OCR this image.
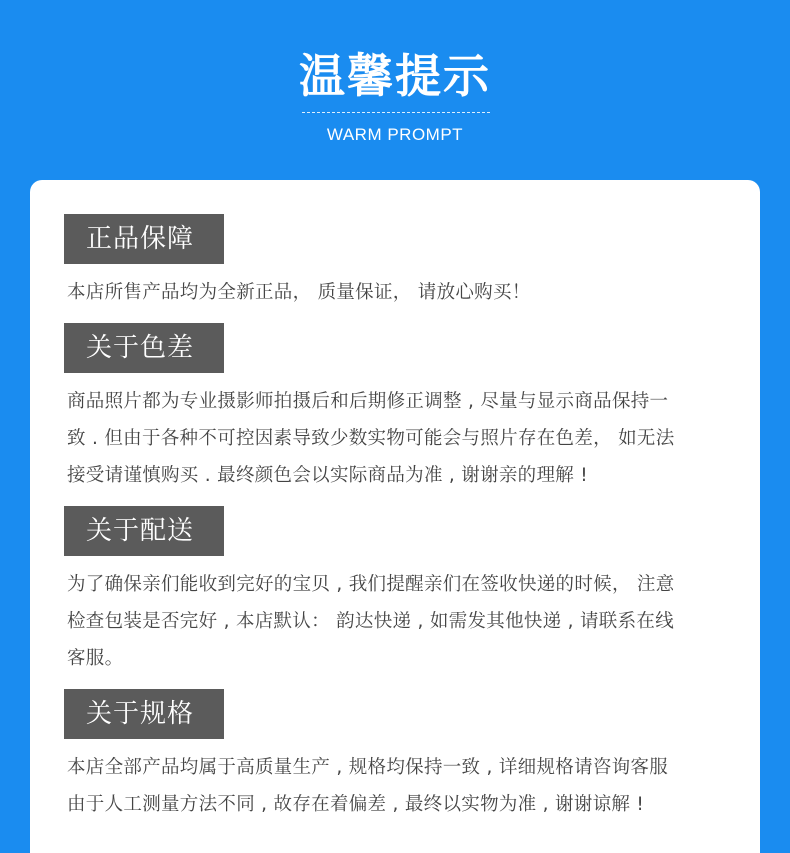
温馨提示
WARM PROMPT
正品保障
本店所售产品均为全新正品， 质量保证， 请放心购买！
关于色差
商品照片都为专业摄影师拍摄后和后期修正调整 , 尽量与显示商品保持一
致 . 但由于各种不可控因素导致少数实物可能会与照片存在色差， 如无法
接受请谨慎购买 . 最终颜色会以实际商品为准 , 谢谢亲的理解 !
关于配送
为了确保亲们能收到完好的宝贝 , 我们提醒亲们在签收快递的时候， 注意
检查包装是否完好 , 本店默认： 韵达快递 , 如需发其他快递 , 请联系在线
客服。
关于规格
本店全部产品均属于高质量生产 , 规格均保持一致 , 详细规格请咨询客服
由于人工测量方法不同 , 故存在着偏差 , 最终以实物为准 , 谢谢谅解 !
